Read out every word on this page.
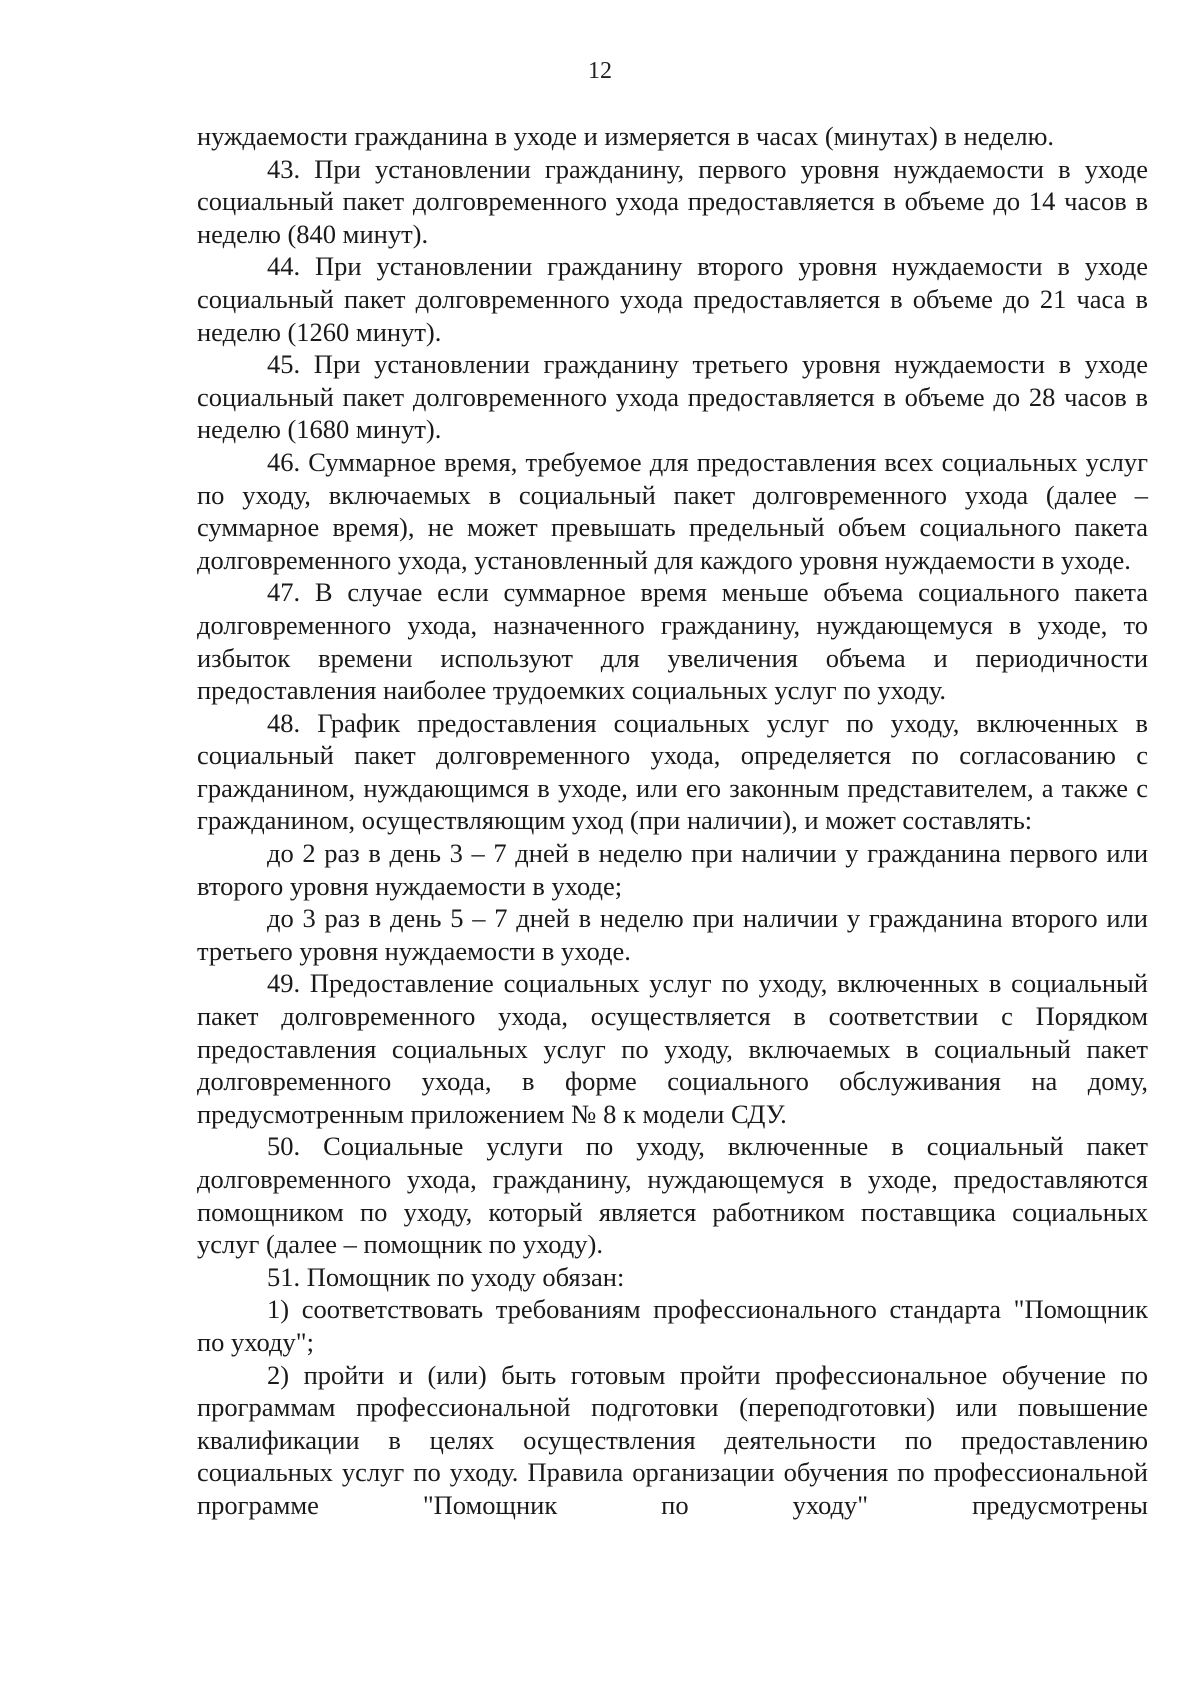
12

нуждаемости гражданина в уходе и измеряется в часах (минутах) в неделю.

43. При установлении гражданину, первого уровня нуждаемости в уходе социальный пакет долговременного ухода предоставляется в объеме до 14 часов в неделю (840 минут).

44. При установлении гражданину второго уровня нуждаемости в уходе социальный пакет долговременного ухода предоставляется в объеме до 21 часа в неделю (1260 минут).

45. При установлении гражданину третьего уровня нуждаемости в уходе социальный пакет долговременного ухода предоставляется в объеме до 28 часов в неделю (1680 минут).

46. Суммарное время, требуемое для предоставления всех социальных услуг по уходу, включаемых в социальный пакет долговременного ухода (далее – суммарное время), не может превышать предельный объем социального пакета долговременного ухода, установленный для каждого уровня нуждаемости в уходе.

47. В случае если суммарное время меньше объема социального пакета долговременного ухода, назначенного гражданину, нуждающемуся в уходе, то избыток времени используют для увеличения объема и периодичности предоставления наиболее трудоемких социальных услуг по уходу.

48. График предоставления социальных услуг по уходу, включенных в социальный пакет долговременного ухода, определяется по согласованию с гражданином, нуждающимся в уходе, или его законным представителем, а также с гражданином, осуществляющим уход (при наличии), и может составлять:

до 2 раз в день 3 – 7 дней в неделю при наличии у гражданина первого или второго уровня нуждаемости в уходе;

до 3 раз в день 5 – 7 дней в неделю при наличии у гражданина второго или третьего уровня нуждаемости в уходе.

49. Предоставление социальных услуг по уходу, включенных в социальный пакет долговременного ухода, осуществляется в соответствии с Порядком предоставления социальных услуг по уходу, включаемых в социальный пакет долговременного ухода, в форме социального обслуживания на дому, предусмотренным приложением № 8 к модели СДУ.

50. Социальные услуги по уходу, включенные в социальный пакет долговременного ухода, гражданину, нуждающемуся в уходе, предоставляются помощником по уходу, который является работником поставщика социальных услуг (далее – помощник по уходу).

51. Помощник по уходу обязан:

1) соответствовать требованиям профессионального стандарта "Помощник по уходу";

2) пройти и (или) быть готовым пройти профессиональное обучение по программам профессиональной подготовки (переподготовки) или повышение квалификации в целях осуществления деятельности по предоставлению социальных услуг по уходу. Правила организации обучения по профессиональной программе "Помощник по уходу" предусмотрены
